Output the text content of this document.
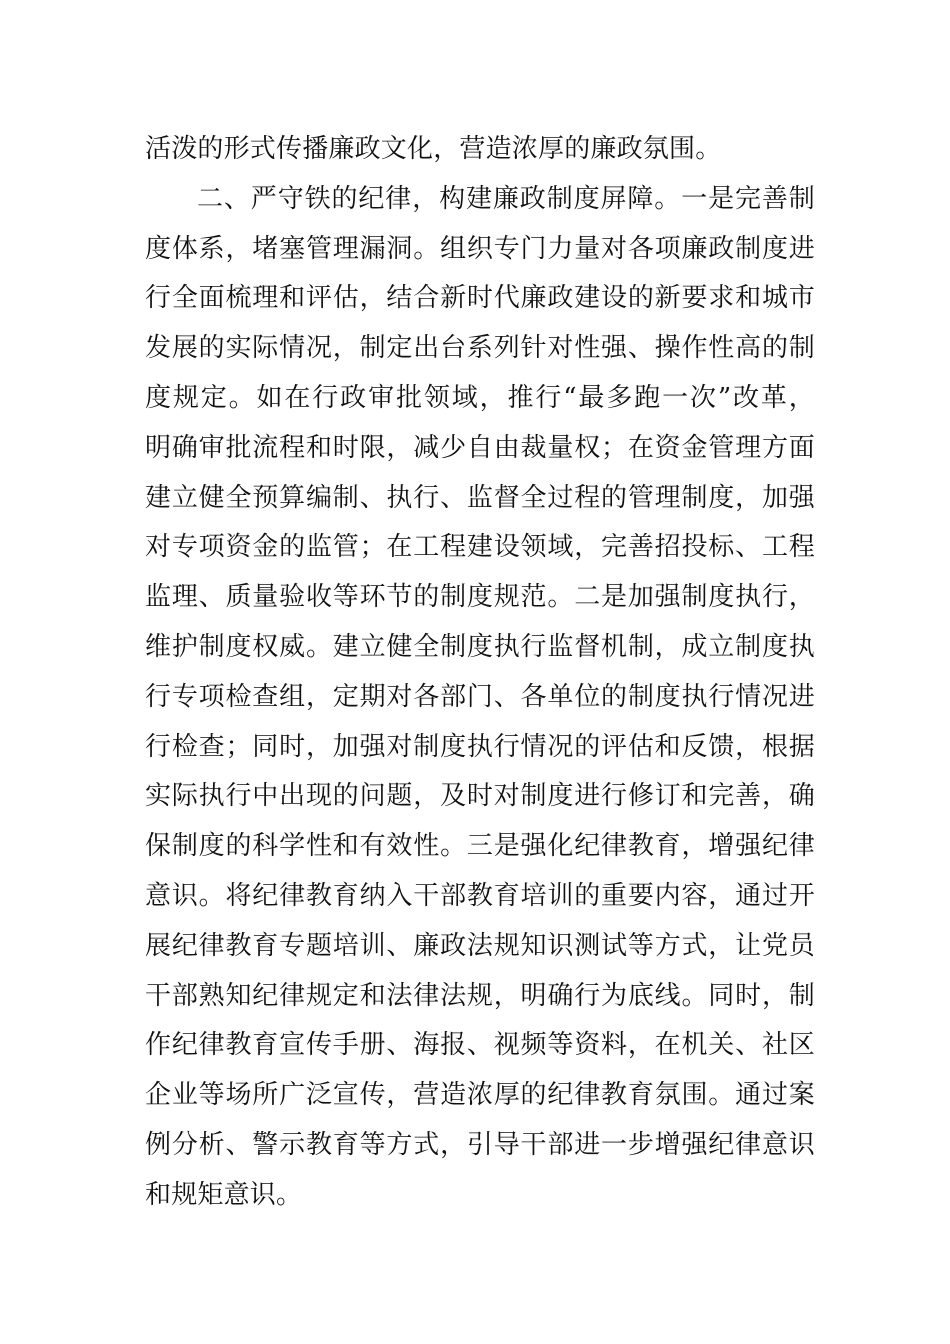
活泼的形式传播廉政文化，营造浓厚的廉政氛围。
二、严守铁的纪律，构建廉政制度屏障。一是完善制
度体系，堵塞管理漏洞。组织专门力量对各项廉政制度进
行全面梳理和评估，结合新时代廉政建设的新要求和城市
发展的实际情况，制定出台系列针对性强、操作性高的制
度规定。如在行政审批领域，推行“最多跑一次”改革，
明确审批流程和时限，减少自由裁量权；在资金管理方面
建立健全预算编制、执行、监督全过程的管理制度，加强
对专项资金的监管；在工程建设领域，完善招投标、工程
监理、质量验收等环节的制度规范。二是加强制度执行，
维护制度权威。建立健全制度执行监督机制，成立制度执
行专项检查组，定期对各部门、各单位的制度执行情况进
行检查；同时，加强对制度执行情况的评估和反馈，根据
实际执行中出现的问题，及时对制度进行修订和完善，确
保制度的科学性和有效性。三是强化纪律教育，增强纪律
意识。将纪律教育纳入干部教育培训的重要内容，通过开
展纪律教育专题培训、廉政法规知识测试等方式，让党员
干部熟知纪律规定和法律法规，明确行为底线。同时，制
作纪律教育宣传手册、海报、视频等资料，在机关、社区
企业等场所广泛宣传，营造浓厚的纪律教育氛围。通过案
例分析、警示教育等方式，引导干部进一步增强纪律意识
和规矩意识。
